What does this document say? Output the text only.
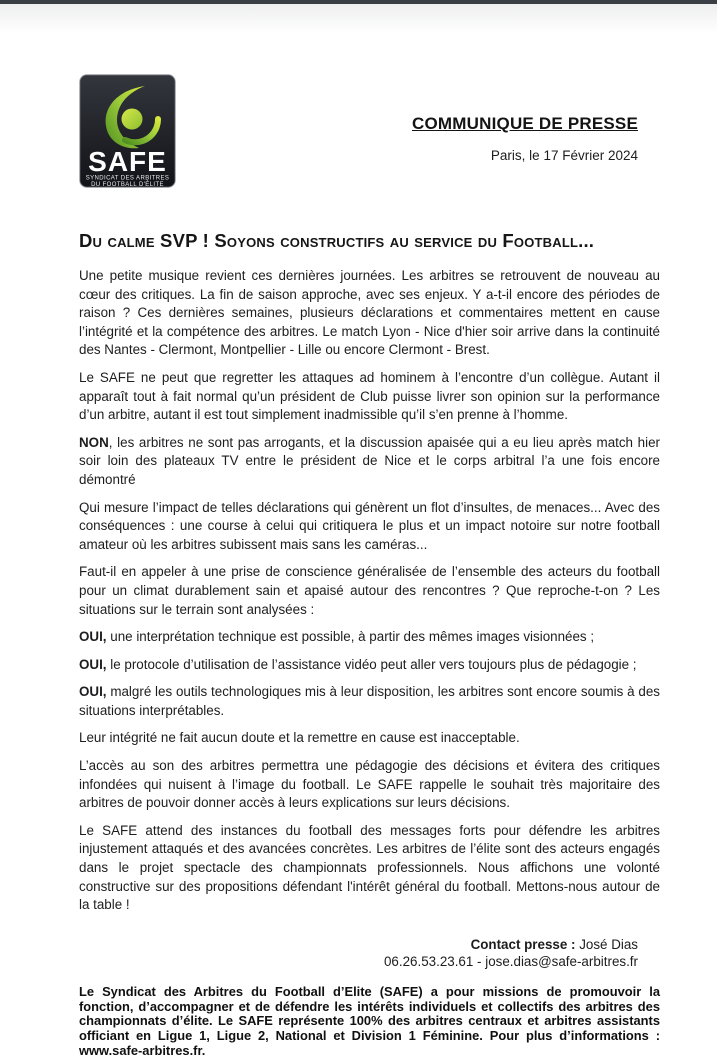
SAFE
SYNDICAT DES ARBITRES
DU FOOTBALL D'ÉLITE
COMMUNIQUE DE PRESSE
Paris, le 17 Février 2024
Du calme SVP ! Soyons constructifs au service du Football...

Une petite musique revient ces dernières journées. Les arbitres se retrouvent de nouveau au cœur des critiques. La fin de saison approche, avec ses enjeux. Y a-t-il encore des périodes de raison ? Ces dernières semaines, plusieurs déclarations et commentaires mettent en cause l’intégrité et la compétence des arbitres. Le match Lyon - Nice d'hier soir arrive dans la continuité des Nantes - Clermont, Montpellier - Lille ou encore Clermont - Brest.

Le SAFE ne peut que regretter les attaques ad hominem à l’encontre d’un collègue. Autant il apparaît tout à fait normal qu’un président de Club puisse livrer son opinion sur la performance d’un arbitre, autant il est tout simplement inadmissible qu’il s’en prenne à l’homme.

NON, les arbitres ne sont pas arrogants, et la discussion apaisée qui a eu lieu après match hier soir loin des plateaux TV entre le président de Nice et le corps arbitral l’a une fois encore démontré

Qui mesure l’impact de telles déclarations qui génèrent un flot d’insultes, de menaces... Avec des conséquences : une course à celui qui critiquera le plus et un impact notoire sur notre football amateur où les arbitres subissent mais sans les caméras...

Faut-il en appeler à une prise de conscience généralisée de l’ensemble des acteurs du football pour un climat durablement sain et apaisé autour des rencontres ? Que reproche-t-on ? Les situations sur le terrain sont analysées :

OUI, une interprétation technique est possible, à partir des mêmes images visionnées ;

OUI, le protocole d’utilisation de l’assistance vidéo peut aller vers toujours plus de pédagogie ;

OUI, malgré les outils technologiques mis à leur disposition, les arbitres sont encore soumis à des situations interprétables.

Leur intégrité ne fait aucun doute et la remettre en cause est inacceptable.

L’accès au son des arbitres permettra une pédagogie des décisions et évitera des critiques infondées qui nuisent à l’image du football. Le SAFE rappelle le souhait très majoritaire des arbitres de pouvoir donner accès à leurs explications sur leurs décisions.

Le SAFE attend des instances du football des messages forts pour défendre les arbitres injustement attaqués et des avancées concrètes. Les arbitres de l’élite sont des acteurs engagés dans le projet spectacle des championnats professionnels. Nous affichons une volonté constructive sur des propositions défendant l'intérêt général du football. Mettons-nous autour de la table !

Contact presse : José Dias
06.26.53.23.61 - jose.dias@safe-arbitres.fr

Le Syndicat des Arbitres du Football d’Elite (SAFE) a pour missions de promouvoir la fonction, d’accompagner et de défendre les intérêts individuels et collectifs des arbitres des championnats d’élite. Le SAFE représente 100% des arbitres centraux et arbitres assistants officiant en Ligue 1, Ligue 2, National et Division 1 Féminine. Pour plus d’informations : www.safe-arbitres.fr.
